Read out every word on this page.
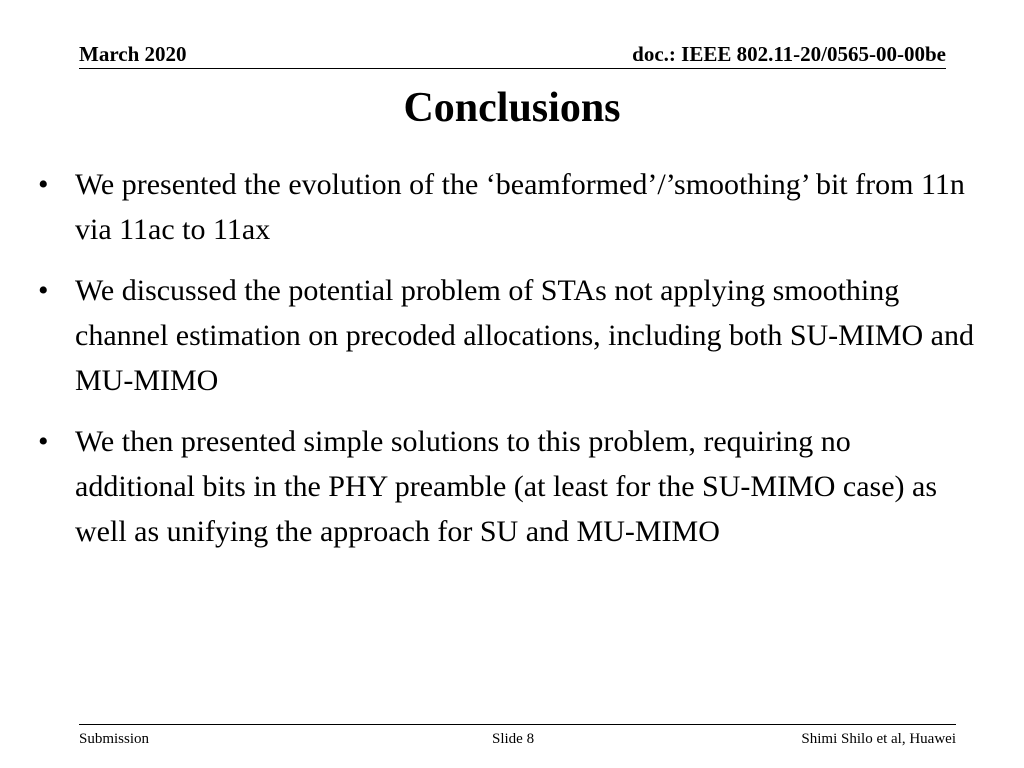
March 2020	doc.: IEEE 802.11-20/0565-00-00be
Conclusions
• We presented the evolution of the ‘beamformed’/’smoothing’ bit from 11n via 11ac to 11ax
• We discussed the potential problem of STAs not applying smoothing channel estimation on precoded allocations, including both SU-MIMO and MU-MIMO
• We then presented simple solutions to this problem, requiring no additional bits in the PHY preamble (at least for the SU-MIMO case) as well as unifying the approach for SU and MU-MIMO
Submission	Slide 8	Shimi Shilo et al, Huawei
